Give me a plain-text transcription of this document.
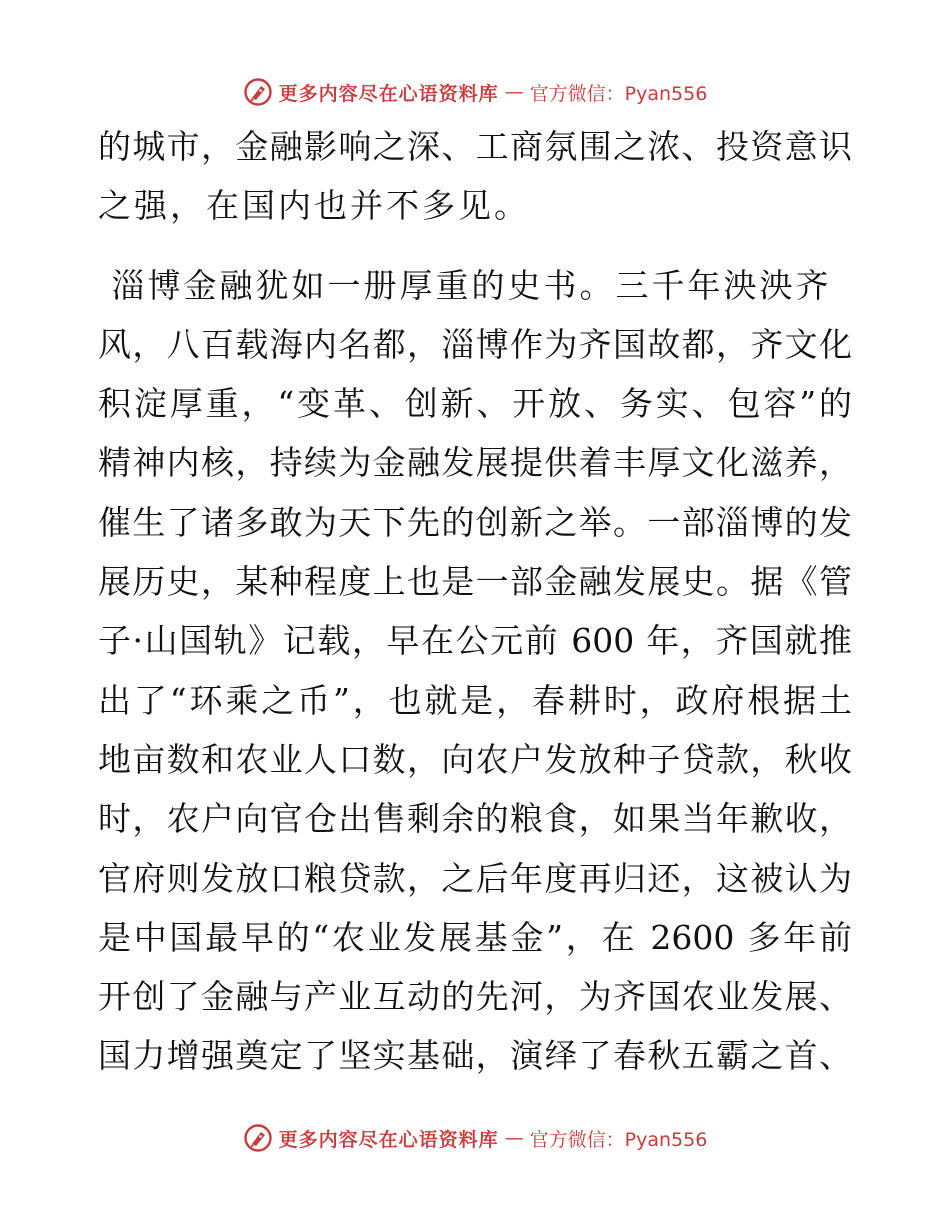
更多内容尽在心语资料库 — 官方微信：Pyan556
的城市，金融影响之深、工商氛围之浓、投资意识
之强，在国内也并不多见。
淄博金融犹如一册厚重的史书。三千年泱泱齐
风，八百载海内名都，淄博作为齐国故都，齐文化
积淀厚重，“变革、创新、开放、务实、包容”的
精神内核，持续为金融发展提供着丰厚文化滋养，
催生了诸多敢为天下先的创新之举。一部淄博的发
展历史，某种程度上也是一部金融发展史。据《管
子·山国轨》记载，早在公元前 600 年，齐国就推
出了“环乘之币”，也就是，春耕时，政府根据土
地亩数和农业人口数，向农户发放种子贷款，秋收
时，农户向官仓出售剩余的粮食，如果当年歉收，
官府则发放口粮贷款，之后年度再归还，这被认为
是中国最早的“农业发展基金”，在 2600 多年前
开创了金融与产业互动的先河，为齐国农业发展、
国力增强奠定了坚实基础，演绎了春秋五霸之首、
更多内容尽在心语资料库 — 官方微信：Pyan556
